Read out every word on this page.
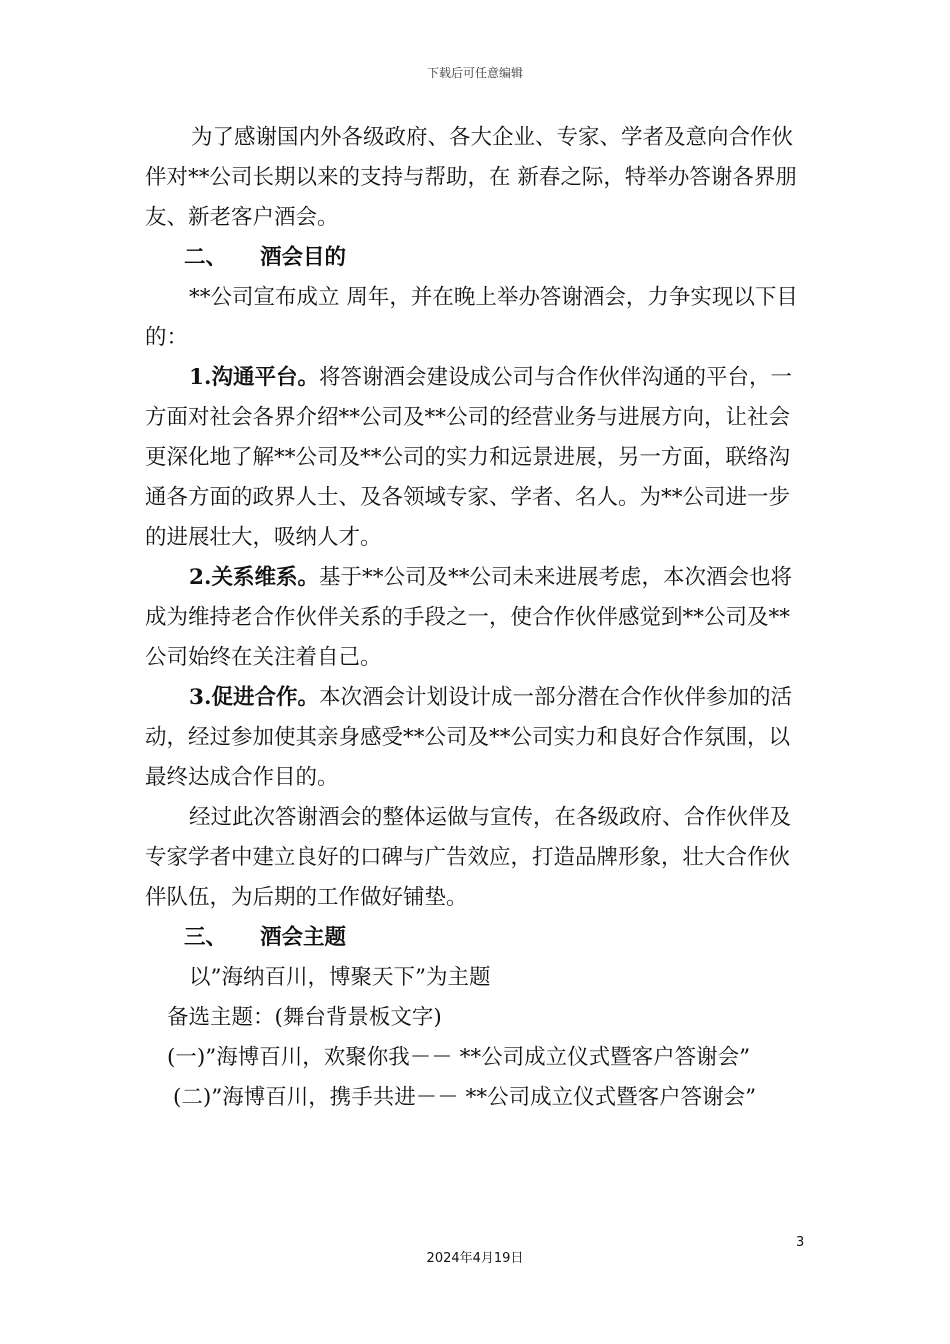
下载后可任意编辑

为了感谢国内外各级政府、各大企业、专家、学者及意向合作伙伴对**公司长期以来的支持与帮助，在 新春之际，特举办答谢各界朋友、新老客户酒会。

二、 酒会目的

**公司宣布成立 周年，并在晚上举办答谢酒会，力争实现以下目的：

1.沟通平台。将答谢酒会建设成公司与合作伙伴沟通的平台，一方面对社会各界介绍**公司及**公司的经营业务与进展方向，让社会更深化地了解**公司及**公司的实力和远景进展，另一方面，联络沟通各方面的政界人士、及各领域专家、学者、名人。为**公司进一步的进展壮大，吸纳人才。

2.关系维系。基于**公司及**公司未来进展考虑，本次酒会也将成为维持老合作伙伴关系的手段之一，使合作伙伴感觉到**公司及**公司始终在关注着自己。

3.促进合作。本次酒会计划设计成一部分潜在合作伙伴参加的活动，经过参加使其亲身感受**公司及**公司实力和良好合作氛围，以最终达成合作目的。

经过此次答谢酒会的整体运做与宣传，在各级政府、合作伙伴及专家学者中建立良好的口碑与广告效应，打造品牌形象，壮大合作伙伴队伍，为后期的工作做好铺垫。

三、 酒会主题

以”海纳百川，博聚天下”为主题

备选主题：(舞台背景板文字)

(一)”海博百川，欢聚你我－－ **公司成立仪式暨客户答谢会”

(二)”海博百川，携手共进－－ **公司成立仪式暨客户答谢会”

3
2024年4月19日
